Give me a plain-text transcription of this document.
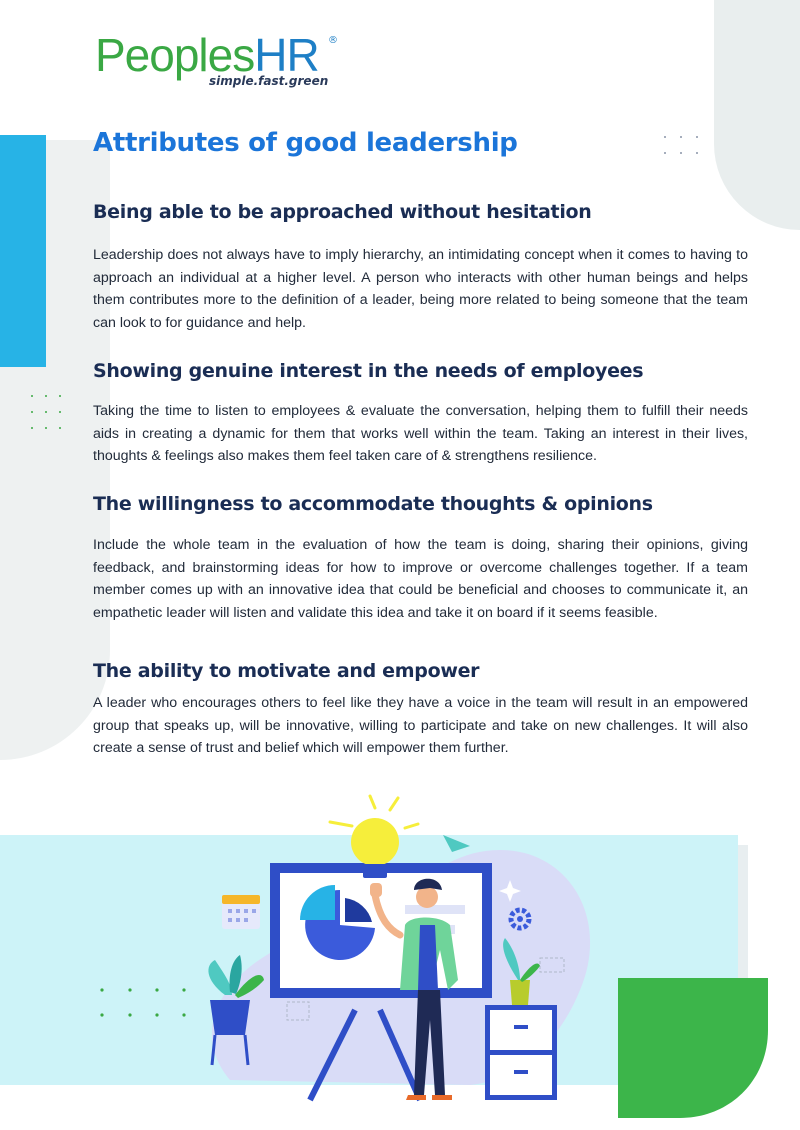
PeoplesHR ®
simple.fast.green
Attributes of good leadership
Being able to be approached without hesitation

Leadership does not always have to imply hierarchy, an intimidating concept when it comes to having to approach an individual at a higher level. A person who interacts with other human beings and helps them contributes more to the definition of a leader, being more related to being someone that the team can look to for guidance and help.

Showing genuine interest in the needs of employees

Taking the time to listen to employees & evaluate the conversation, helping them to fulfill their needs aids in creating a dynamic for them that works well within the team. Taking an interest in their lives, thoughts & feelings also makes them feel taken care of & strengthens resilience.

The willingness to accommodate thoughts & opinions

Include the whole team in the evaluation of how the team is doing, sharing their opinions, giving feedback, and brainstorming ideas for how to improve or overcome challenges together. If a team member comes up with an innovative idea that could be beneficial and chooses to communicate it, an empathetic leader will listen and validate this idea and take it on board if it seems feasible.

The ability to motivate and empower

A leader who encourages others to feel like they have a voice in the team will result in an empowered group that speaks up, will be innovative, willing to participate and take on new challenges. It will also create a sense of trust and belief which will empower them further.
